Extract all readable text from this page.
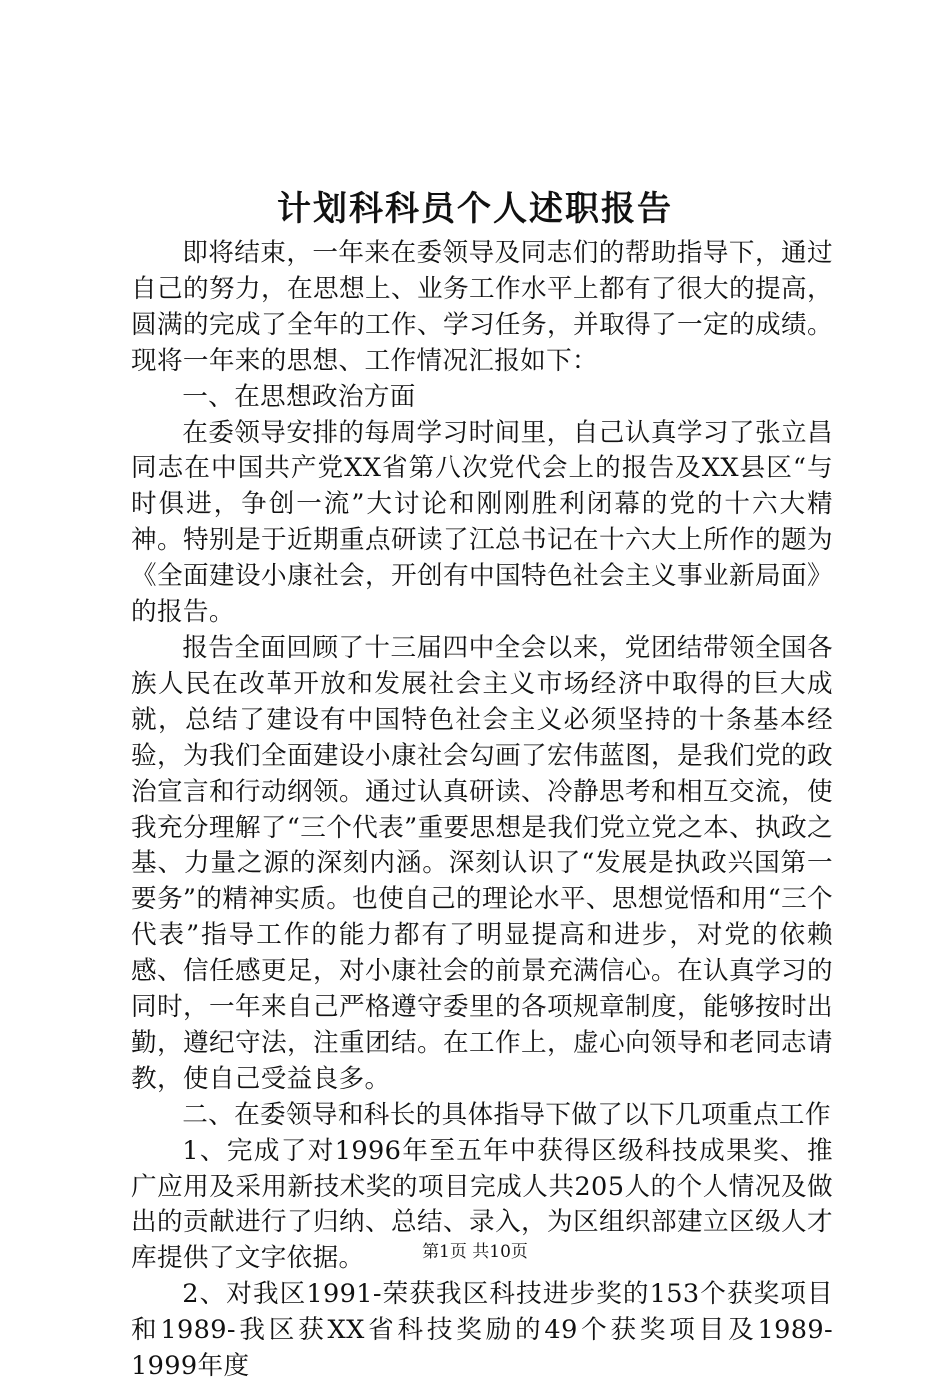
计划科科员个人述职报告

即将结束，一年来在委领导及同志们的帮助指导下，通过自己的努力，在思想上、业务工作水平上都有了很大的提高，圆满的完成了全年的工作、学习任务，并取得了一定的成绩。现将一年来的思想、工作情况汇报如下：

一、在思想政治方面

在委领导安排的每周学习时间里，自己认真学习了张立昌同志在中国共产党XX省第八次党代会上的报告及XX县区“与时俱进，争创一流”大讨论和刚刚胜利闭幕的党的十六大精神。特别是于近期重点研读了江总书记在十六大上所作的题为《全面建设小康社会，开创有中国特色社会主义事业新局面》的报告。

报告全面回顾了十三届四中全会以来，党团结带领全国各族人民在改革开放和发展社会主义市场经济中取得的巨大成就，总结了建设有中国特色社会主义必须坚持的十条基本经验，为我们全面建设小康社会勾画了宏伟蓝图，是我们党的政治宣言和行动纲领。通过认真研读、冷静思考和相互交流，使我充分理解了“三个代表”重要思想是我们党立党之本、执政之基、力量之源的深刻内涵。深刻认识了“发展是执政兴国第一要务”的精神实质。也使自己的理论水平、思想觉悟和用“三个代表”指导工作的能力都有了明显提高和进步，对党的依赖感、信任感更足，对小康社会的前景充满信心。在认真学习的同时，一年来自己严格遵守委里的各项规章制度，能够按时出勤，遵纪守法，注重团结。在工作上，虚心向领导和老同志请教，使自己受益良多。

二、在委领导和科长的具体指导下做了以下几项重点工作

1、完成了对1996年至五年中获得区级科技成果奖、推广应用及采用新技术奖的项目完成人共205人的个人情况及做出的贡献进行了归纳、总结、录入，为区组织部建立区级人才库提供了文字依据。

2、对我区1991-荣获我区科技进步奖的153个获奖项目和1989-我区获XX省科技奖励的49个获奖项目及1989-1999年度

第1页 共10页
